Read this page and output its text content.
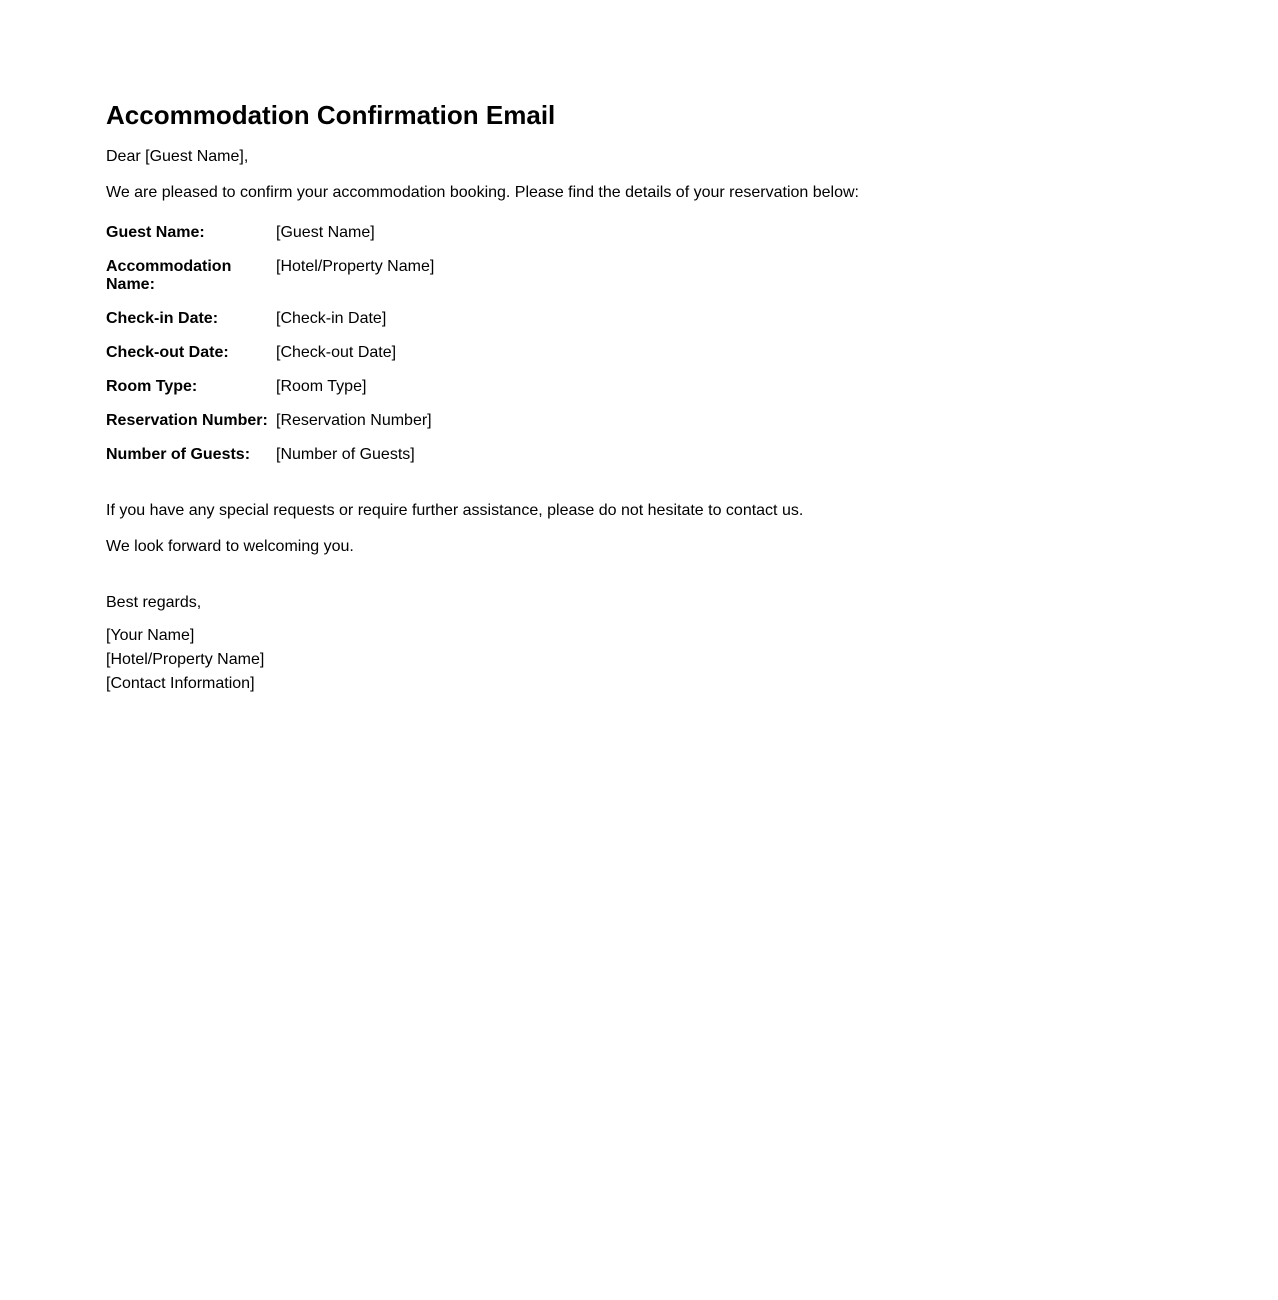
Accommodation Confirmation Email

Dear [Guest Name],

We are pleased to confirm your accommodation booking. Please find the details of your reservation below:

Guest Name:	[Guest Name]
Accommodation Name:	[Hotel/Property Name]
Check-in Date:	[Check-in Date]
Check-out Date:	[Check-out Date]
Room Type:	[Room Type]
Reservation Number:	[Reservation Number]
Number of Guests:	[Number of Guests]

If you have any special requests or require further assistance, please do not hesitate to contact us.

We look forward to welcoming you.

Best regards,

[Your Name]
[Hotel/Property Name]
[Contact Information]
